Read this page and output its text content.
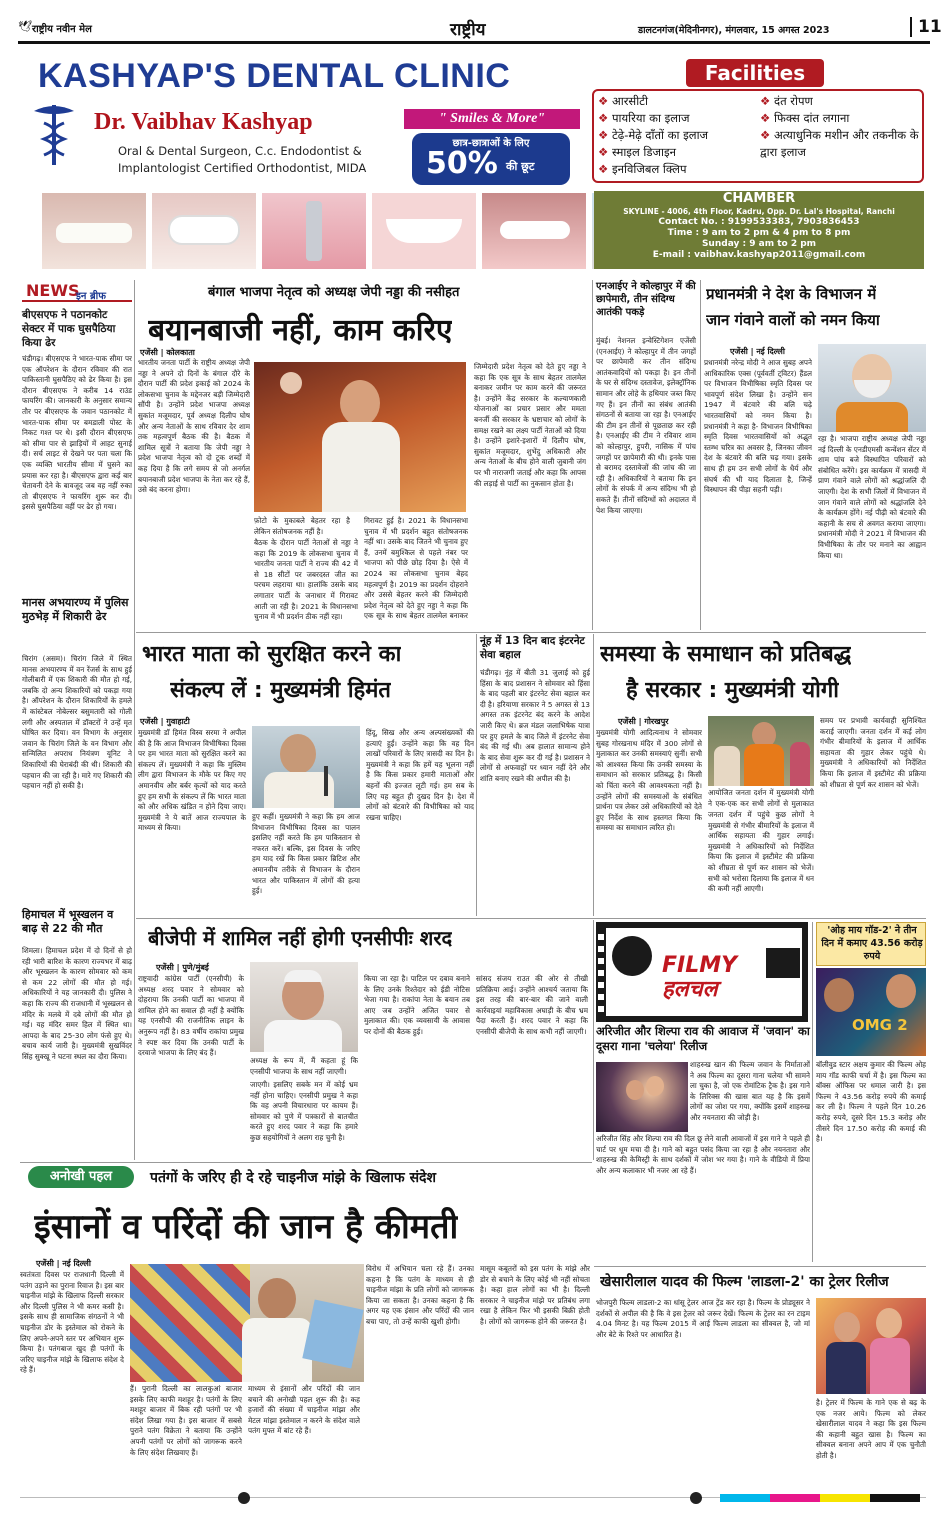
🕊 राष्ट्रीय नवीन मेल	राष्ट्रीय	डालटनगंज(मेदिनीनगर), मंगलवार, 15 अगस्त 2023	11
KASHYAP'S DENTAL CLINIC
Dr. Vaibhav Kashyap	" Smiles & More"
Oral & Dental Surgeon, C.c. Endodontist &
Implantologist Certified Orthodontist, MIDA
छात्र-छात्राओं के लिए
50% की छूट
Facilities
❖ आरसीटी
❖ पायरिया का इलाज
❖ टेढ़े-मेढ़े दाँतों का इलाज
❖ स्माइल डिजाइन
❖ इनविजिबल क्लिप
❖ दंत रोपण
❖ फिक्स दांत लगाना
❖ अत्याधुनिक मशीन और तकनीक के द्वारा इलाज
CHAMBER
SKYLINE - 4006, 4th Floor, Kadru, Opp. Dr. Lal's Hospital, Ranchi
Contact No. : 9199533383, 7903836453
Time : 9 am to 2 pm & 4 pm to 8 pm
Sunday : 9 am to 2 pm
E-mail : vaibhav.kashyap2011@gmail.com
NEWS
इन ब्रीफ
बीएसएफ ने पठानकोट सेक्टर में पाक घुसपैठिया किया ढेर
चंडीगढ़। बीएसएफ ने भारत-पाक सीमा पर एक ऑपरेशन के दौरान रविवार की रात पाकिस्तानी घुसपैठिए को ढेर किया है। इस दौरान बीएसएफ ने करीब 14 राउंड फायरिंग की। जानकारी के अनुसार समान्य तौर पर बीएसएफ के जवान पठानकोट में भारत-पाक सीमा पर बमडाली पोस्ट के निकट गश्त पर थे। इसी दौरान बीएसएफ को सीमा पार से झाड़ियों में आहट सुनाई दी। सर्च लाइट से देखने पर पता चला कि एक व्यक्ति भारतीय सीमा में घुसने का प्रयास कर रहा है। बीएसएफ द्वारा कई बार चेतावनी देने के बावजूद जब वह नहीं रुका तो बीएसएफ ने फायरिंग शुरू कर दी। इससे घुसपैठिया वहीं पर ढेर हो गया।
मानस अभयारण्य में पुलिस मुठभेड़ में शिकारी ढेर
चिरांग (असम)। चिरांग जिले में स्थित मानस अभयारण्य में वन रेंजर्स के साथ हुई गोलीबारी में एक शिकारी की मौत हो गई, जबकि दो अन्य शिकारियों को पकड़ा गया है। ऑपरेशन के दौरान शिकारियों के हमले में कांस्टेबल नोबेल्सर बसुमतारी को गोली लगी और अस्पताल में डॉक्टरों ने उन्हें मृत घोषित कर दिया। वन विभाग के अनुसार जवान के चिरांग जिले के वन विभाग और सन्मिलित अपराध नियंत्रण यूनिट ने शिकारियों की घेराबंदी की थी। शिकारी की पहचान की जा रही है। मारे गए शिकारी की पहचान नहीं हो सकी है।
हिमाचल में भूस्खलन व बाढ़ से 22 की मौत
शिमला। हिमाचल प्रदेश में दो दिनों से हो रही भारी बारिश के कारण राज्यभर में बाढ़ और भूस्खलन के कारण सोमवार को कम से कम 22 लोगों की मौत हो गई। अधिकारियों ने यह जानकारी दी। पुलिस ने कहा कि राज्य की राजधानी में भूस्खलन से मंदिर के मलबे में दबे लोगों की मौत हो गई। यह मंदिर समर हिल में स्थित था। आपदा के बाद 25-30 लोग फंसे हुए थे। बचाव कार्य जारी है। मुख्यमंत्री सुखविंदर सिंह सुक्खू ने घटना स्थल का दौरा किया।
बंगाल भाजपा नेतृत्व को अध्यक्ष जेपी नड्डा की नसीहत
बयानबाजी नहीं, काम करिए
एजेंसी | कोलकाता
भारतीय जनता पार्टी के राष्ट्रीय अध्यक्ष जेपी नड्डा ने अपने दो दिनों के बंगाल दौरे के दौरान पार्टी की प्रदेश इकाई को 2024 के लोकसभा चुनाव के मद्देनजर बड़ी जिम्मेदारी सौंपी है। उन्होंने प्रदेश भाजपा अध्यक्ष सुकांत मजूमदार, पूर्व अध्यक्ष दिलीप घोष और अन्य नेताओं के साथ रविवार देर शाम तक महत्वपूर्ण बैठक की है। बैठक में शामिल सूत्रों ने बताया कि जेपी नड्डा ने प्रदेश भाजपा नेतृत्व को दो टूक शब्दों में कह दिया है कि लगे समय से जो अनर्गल बयानबाजी प्रदेश भाजपा के नेता कर रहे हैं, उसे बंद करना होगा।
फ़ोटो के मुकाबले बेहतर रहा है लेकिन संतोषजनक नहीं है।
बैठक के दौरान पार्टी नेताओं से नड्डा ने कहा कि 2019 के लोकसभा चुनाव में भारतीय जनता पार्टी ने राज्य की 42 में से 18 सीटों पर जबरदस्त जीत का परचम लहराया था। हालांकि उसके बाद लगातार पार्टी के जनाधार में गिरावट आती जा रही है। 2021 के विधानसभा चुनाव में भी प्रदर्शन ठीक नहीं रहा।
गिरावट हुई है। 2021 के विधानसभा चुनाव में भी प्रदर्शन बहुत संतोषजनक नहीं था। उसके बाद जितने भी चुनाव हुए हैं, उनमें बमुश्किल से पहले नंबर पर भाजपा को पीछे छोड़ दिया है। ऐसे में 2024 का लोकसभा चुनाव बेहद महत्वपूर्ण है। 2019 का प्रदर्शन दोहराने और उससे बेहतर करने की जिम्मेदारी प्रदेश नेतृत्व को देते हुए नड्डा ने कहा कि एक सूत्र के साथ बेहतर तालमेल बनाकर
जिम्मेदारी प्रदेश नेतृत्व को देते हुए नड्डा ने कहा कि एक सूत्र के साथ बेहतर तालमेल बनाकर जमीन पर काम करने की जरूरत है। उन्होंने केंद्र सरकार के कल्याणकारी योजनाओं का प्रचार प्रसार और ममता बनर्जी की सरकार के भ्रष्टाचार को लोगों के समक्ष रखने का लक्ष्य पार्टी नेताओं को दिया है। उन्होंने इशारे-इशारों में दिलीप घोष, सुकांत मजूमदार, शुभेंदु अधिकारी और अन्य नेताओं के बीच होने वाली जुबानी जंग पर भी नाराजगी जताई और कहा कि आपस की लड़ाई से पार्टी का नुकसान होता है।
एनआईए ने कोल्हापुर में की छापेमारी, तीन संदिग्ध आतंकी पकड़े
मुंबई। नेशनल इन्वेस्टिगेशन एजेंसी (एनआईए) ने कोल्हापुर में तीन जगहों पर छापेमारी कर तीन संदिग्ध आतंकवादियों को पकड़ा है। इन तीनों के घर से संदिग्ध दस्तावेज, इलेक्ट्रॉनिक सामान और लोहे के हथियार जब्त किए गए हैं। इन तीनों का संबंध आतंकी संगठनों से बताया जा रहा है। एनआईए की टीम इन तीनों से पूछताछ कर रही है। एनआईए की टीम ने रविवार शाम को कोल्हापुर, हुपरी, नासिक में पांच जगहों पर छापेमारी की थी। इनके पास से बरामद दस्तावेजों की जांच की जा रही है। अधिकारियों ने बताया कि इन लोगों के संपर्क में अन्य संदिग्ध भी हो सकते हैं। तीनों संदिग्धों को अदालत में पेश किया जाएगा।
प्रधानमंत्री ने देश के विभाजन में
जान गंवाने वालों को नमन किया
एजेंसी | नई दिल्ली
प्रधानमंत्री नरेन्द्र मोदी ने आज सुबह अपने आधिकारिक एक्स (पूर्ववर्ती ट्विटर) हैंडल पर विभाजन विभीषिका स्मृति दिवस पर भावपूर्ण संदेश लिखा है। उन्होंने सन 1947 में बंटवारे की बलि चढ़े भारतवासियों को नमन किया है। प्रधानमंत्री ने कहा है- विभाजन विभीषिका स्मृति दिवस भारतवासियों को अद्भुत स्तम्भ चरित्र का अवसर है, जिनका जीवन देश के बंटवारे की बलि चढ़ गया। इसके साथ ही हम उन सभी लोगों के धैर्य और संघर्ष की भी याद दिलाता है, जिन्हें विस्थापन की पीड़ा सहनी पड़ी।
रहा है। भाजपा राष्ट्रीय अध्यक्ष जेपी नड्डा नई दिल्ली के एनडीएमसी कन्वेंशन सेंटर में शाम पांच बजे विस्थापित परिवारों को संबोधित करेंगे। इस कार्यक्रम में त्रासदी में प्राण गंवाने वाले लोगों को श्रद्धांजलि दी जाएगी। देश के सभी जिलों में विभाजन में जान गंवाने वाले लोगों को श्रद्धांजलि देने के कार्यक्रम होंगे। नई पीढ़ी को बंटवारे की कहानी के सच से अवगत कराया जाएगा। प्रधानमंत्री मोदी ने 2021 में विभाजन की विभीषिका के तौर पर मनाने का आह्वान किया था।
भारत माता को सुरक्षित करने का
संकल्प लें : मुख्यमंत्री हिमंत
एजेंसी | गुवाहाटी
मुख्यमंत्री डॉ हिमंत विस्व सरमा ने अपील की है कि आज विभाजन विभीषिका दिवस पर हम भारत माता को सुरक्षित करने का संकल्प लें। मुख्यमंत्री ने कहा कि मुस्लिम लीग द्वारा विभाजन के मौके पर किए गए अमानवीय और बर्बर कृत्यों को याद करते हुए हम सभी के संकल्प लें कि भारत माता को और अधिक खंडित न होने दिया जाए। मुख्यमंत्री ने ये बातें आज राज्यपाल के माध्यम से किया।
हुए कहीं। मुख्यमंत्री ने कहा कि हम आज विभाजन विभीषिका दिवस का पालन इसलिए नहीं करते कि हम पाकिस्तान से नफरत करें। बल्कि, इस दिवस के जरिए हम याद रखें कि किस प्रकार ब्रिटिश और अमानवीय तरीके से विभाजन के दौरान भारत और पाकिस्तान में लोगों की हत्या हुई।
हिंदू, सिख और अन्य अल्पसंख्यकों की हत्याएं हुईं। उन्होंने कहा कि वह दिन लाखों परिवारों के लिए त्रासदी का दिन है। मुख्यमंत्री ने कहा कि हमें यह भूलना नहीं है कि किस प्रकार हमारी माताओं और बहनों की इज्जत लूटी गई। हम सब के लिए यह बहुत ही दुखद दिन है। देश में लोगों को बंटवारे की विभीषिका को याद रखना चाहिए।
नूंह में 13 दिन बाद इंटरनेट सेवा बहाल
चंडीगढ़। नूंह में बीती 31 जुलाई को हुई हिंसा के बाद प्रशासन ने सोमवार को हिंसा के बाद पहली बार इंटरनेट सेवा बहाल कर दी है। हरियाणा सरकार ने 5 अगस्त से 13 अगस्त तक इंटरनेट बंद करने के आदेश जारी किए थे। ब्रज मंडल जलाभिषेक यात्रा पर हुए हमले के बाद जिले में इंटरनेट सेवा बंद की गई थी। अब हालात सामान्य होने के बाद सेवा शुरू कर दी गई है। प्रशासन ने लोगों से अफवाहों पर ध्यान नहीं देने और शांति बनाए रखने की अपील की है।
समस्या के समाधान को प्रतिबद्ध
है सरकार : मुख्यमंत्री योगी
एजेंसी | गोरखपुर
मुख्यमंत्री योगी आदित्यनाथ ने सोमवार सुबह गोरखनाथ मंदिर में 300 लोगों से मुलाकात कर उनकी समस्याएं सुनीं। सभी को आश्वस्त किया कि उनकी समस्या के समाधान को सरकार प्रतिबद्ध है। किसी को चिंता करने की आवश्यकता नहीं है। उन्होंने लोगों की समस्याओं के संबंधित प्रार्थना पत्र लेकर उसे अधिकारियों को देते हुए निर्देश के साथ हस्तगत किया कि समस्या का समाधान त्वरित हो।
आयोजित जनता दर्शन में मुख्यमंत्री योगी ने एक-एक कर सभी लोगों से मुलाकात
जनता दर्शन में पहुंचे कुछ लोगों ने मुख्यमंत्री से गंभीर बीमारियों के इलाज में आर्थिक सहायता की गुहार लगाई। मुख्यमंत्री ने अधिकारियों को निर्देशित किया कि इलाज में इस्टीमेट की प्रक्रिया को शीघ्रता से पूर्ण कर शासन को भेजें। सभी को भरोसा दिलाया कि इलाज में धन की कमी नहीं आएगी।
समय पर प्रभावी कार्यवाही सुनिश्चित कराई जाएगी। जनता दर्शन में कई लोग गंभीर बीमारियों के इलाज में आर्थिक सहायता की गुहार लेकर पहुंचे थे। मुख्यमंत्री ने अधिकारियों को निर्देशित किया कि इलाज में इस्टीमेट की प्रक्रिया को शीघ्रता से पूर्ण कर शासन को भेजें।
बीजेपी में शामिल नहीं होगी एनसीपीः शरद
एजेंसी | पुणे/मुंबई
राष्ट्रवादी कांग्रेस पार्टी (एनसीपी) के अध्यक्ष शरद पवार ने सोमवार को दोहराया कि उनकी पार्टी का भाजपा में शामिल होने का सवाल ही नहीं है क्योंकि यह एनसीपी की राजनीतिक लाइन के अनुरूप नहीं है। 83 वर्षीय राकांपा प्रमुख ने स्पष्ट कर दिया कि उनकी पार्टी के दरवाजे भाजपा के लिए बंद हैं।
अध्यक्ष के रूप में, मैं कहता हूं कि एनसीपी भाजपा के साथ नहीं जाएगी।
जाएगी। इसलिए सबके मन में कोई भ्रम नहीं होना चाहिए। एनसीपी प्रमुख ने कहा कि वह अपनी विचारधारा पर कायम हैं। सोमवार को पुणे में पत्रकारों से बातचीत करते हुए शरद पवार ने कहा कि हमारे कुछ सहयोगियों ने अलग राह चुनी है।
किया जा रहा है। पाटिल पर दबाव बनाने के लिए उनके रिश्तेदार को ईडी नोटिस भेजा गया है। राकांपा नेता के बयान तब आए जब उन्होंने अजित पवार से मुलाकात की। एक व्यवसायी के आवास पर दोनों की बैठक हुई।
सांसद संजय राउत की ओर से तीखी प्रतिक्रिया आई। उन्होंने आश्चर्य जताया कि इस तरह की बार-बार की जाने वाली कार्रवाइयां महाविकास अघाड़ी के बीच भ्रम पैदा करती हैं। शरद पवार ने कहा कि एनसीपी बीजेपी के साथ कभी नहीं जाएगी।
FILMY हलचल
अरिजीत और शिल्पा राव की आवाज में 'जवान' का दूसरा गाना 'चलेया' रिलीज
शाहरुख खान की फिल्म जवान के निर्माताओं ने अब फिल्म का दूसरा गाना चलेया भी सामने ला चुका है, जो एक रोमांटिक ट्रैक है। इस गाने के लिरिक्स की खास बात यह है कि इसमें लोगों का जोश पर गया, क्योंकि इसमें शाहरुख और नयनतारा की जोड़ी है।
अरिजीत सिंह और शिल्पा राव की दिल छू लेने वाली आवाजों में इस गाने ने पहले ही चार्ट पर धूम मचा दी है। गाने को बहुत पसंद किया जा रहा है और नयनतारा और शाहरुख की केमिस्ट्री के साथ दर्शकों में जोश भर गया है। गाने के वीडियो में प्रिया और अन्य कलाकार भी नजर आ रहे हैं।
'ओह माय गॉड-2' ने तीन दिन में कमाए 43.56 करोड़ रुपये
OMG 2
बॉलीवुड स्टार अक्षय कुमार की फिल्म ओह माय गॉड काफी चर्चा में है। इस फिल्म का बॉक्स ऑफिस पर धमाल जारी है। इस फिल्म ने 43.56 करोड़ रुपये की कमाई कर ली है। फिल्म ने पहले दिन 10.26 करोड़ रुपये, दूसरे दिन 15.3 करोड़ और तीसरे दिन 17.50 करोड़ की कमाई की है।
अनोखी पहल	पतंगों के जरिए ही दे रहे चाइनीज मांझे के खिलाफ संदेश
इंसानों व परिंदों की जान है कीमती
एजेंसी | नई दिल्ली
स्वतंत्रता दिवस पर राजधानी दिल्ली में पतंग उड़ाने का पुराना रिवाज है। इस बार चाइनीज मांझे के खिलाफ दिल्ली सरकार और दिल्ली पुलिस ने भी कमर कसी है। इसके साथ ही सामाजिक संगठनों ने भी चाइनीज डोर के इस्तेमाल को रोकने के लिए अपने-अपने स्तर पर अभियान शुरू किया है। पतंगबाज खुद ही पतंगों के जरिए चाइनीज मांझे के खिलाफ संदेश दे रहे हैं।
हैं। पुरानी दिल्ली का लालकुआं बाजार इसके लिए काफी मशहूर है। पतंगों के लिए मशहूर बाजार में बिक रही पतंगों पर भी संदेश लिखा गया है। इस बाजार में सबसे पुराने पतंग विक्रेता ने बताया कि उन्होंने अपनी पतंगों पर लोगों को जागरूक करने के लिए संदेश लिखवाए हैं।
माध्यम से इंसानों और परिंदों की जान बचाने की अनोखी पहल शुरू की है। कह हजारों की संख्या में चाइनीज मांझा और मेटल मांझा इस्तेमाल न करने के संदेश वाले पतंग मुफ्त में बांट रहे हैं।
विरोध में अभियान चला रहे हैं। उनका कहना है कि पतंग के माध्यम से ही चाइनीज मांझा के प्रति लोगों को जागरूक किया जा सकता है। उनका कहना है कि अगर यह एक इंसान और परिंदों की जान बचा पाए, तो उन्हें काफी खुशी होगी।
मासूम कबूतरों को इस पतंग के मांझे और डोर से बचाने के लिए कोई भी नहीं सोचता है। कहा हाल लोगों का भी है। दिल्ली सरकार ने चाइनीज मांझे पर प्रतिबंध लगा रखा है लेकिन फिर भी इसकी बिक्री होती है। लोगों को जागरूक होने की जरूरत है।
खेसारीलाल यादव की फिल्म 'लाडला-2' का ट्रेलर रिलीज
भोजपुरी फिल्म लाडला-2 का धांसू ट्रेलर आज ट्रेंड कर रहा है। फिल्म के प्रोड्यूसर ने दर्शकों से अपील की है कि वे इस ट्रेलर को जरूर देखें। फिल्म के ट्रेलर का रन टाइम 4.04 मिनट है। यह फिल्म 2015 में आई फिल्म लाडला का सीक्वल है, जो मां और बेटे के रिश्ते पर आधारित है।
है। ट्रेलर में फिल्म के गाने एक से बढ़ के एक नजर आये। फिल्म को लेकर खेसारीलाल यादव ने कहा कि इस फिल्म की कहानी बहुत खास है। फिल्म का सीक्वल बनाना अपने आप में एक चुनौती होती है।
